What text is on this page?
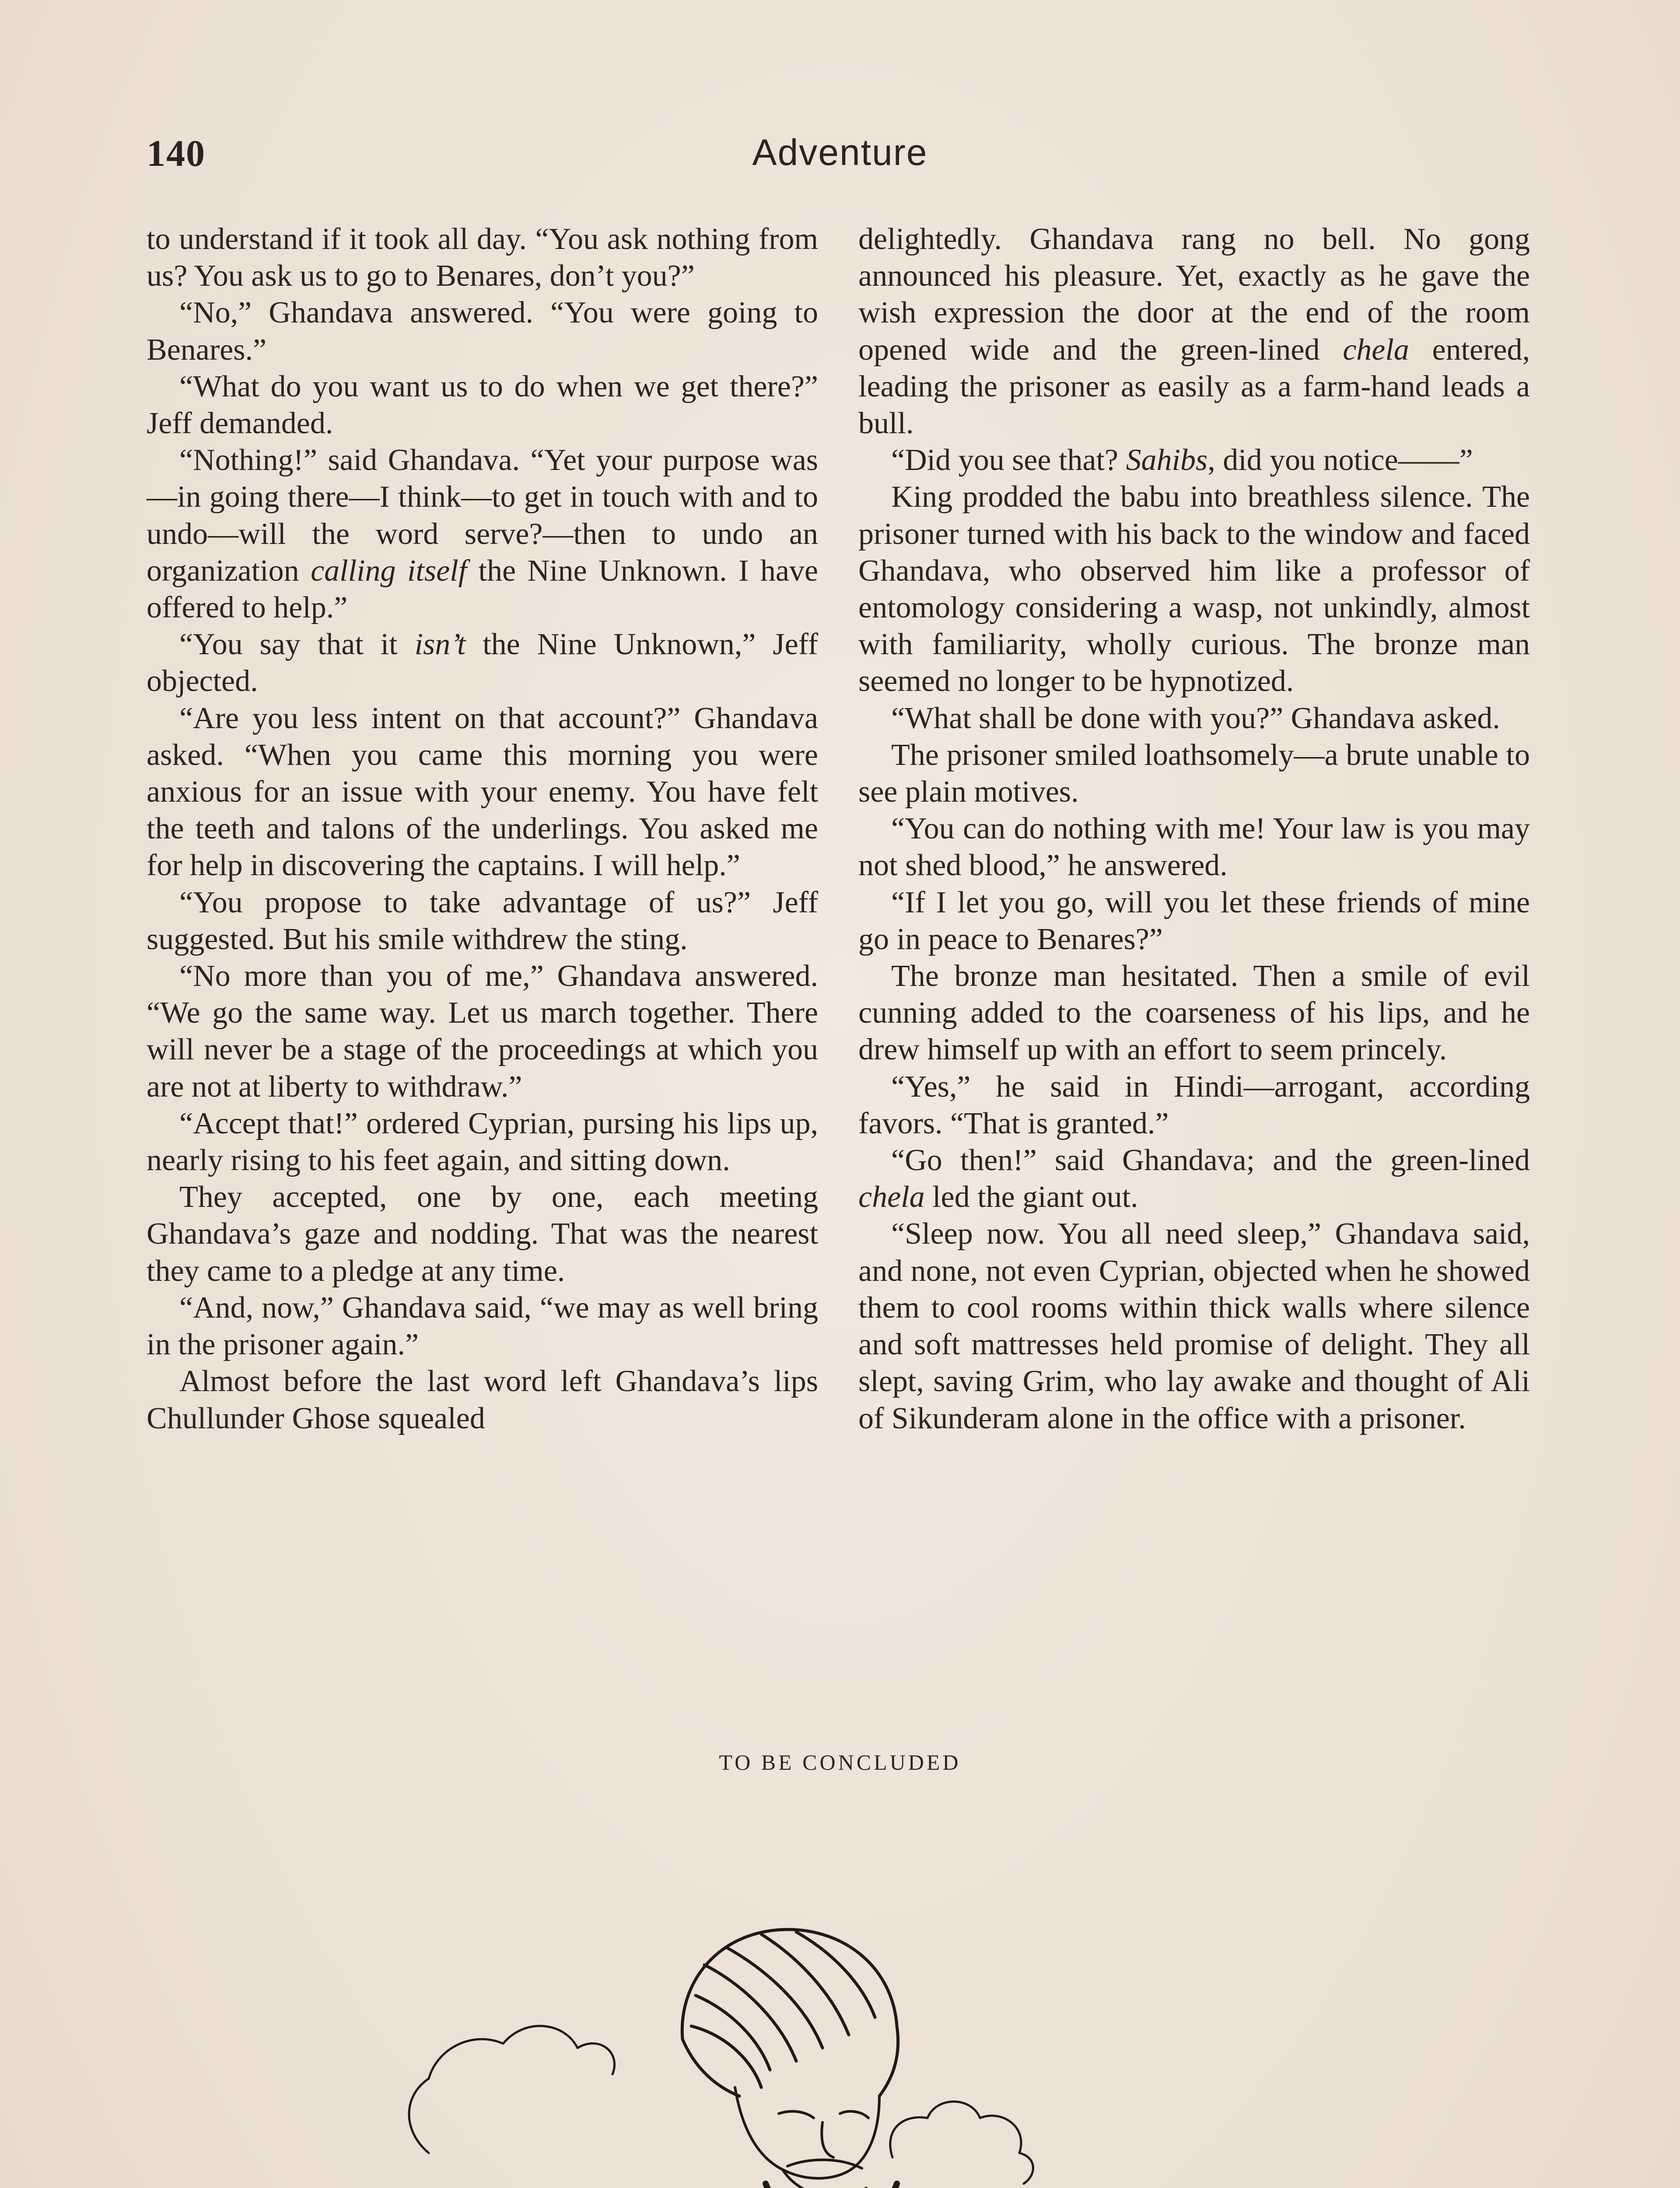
140	Adventure

to understand if it took all day. “You ask nothing from us? You ask us to go to Benares, don’t you?”

“No,” Ghandava answered. “You were going to Benares.”

“What do you want us to do when we get there?” Jeff demanded.

“Nothing!” said Ghandava. “Yet your purpose was—in going there—I think—to get in touch with and to undo—will the word serve?—then to undo an organization calling itself the Nine Unknown. I have offered to help.”

“You say that it isn’t the Nine Unknown,” Jeff objected.

“Are you less intent on that account?” Ghandava asked. “When you came this morning you were anxious for an issue with your enemy. You have felt the teeth and talons of the underlings. You asked me for help in discovering the captains. I will help.”

“You propose to take advantage of us?” Jeff suggested. But his smile withdrew the sting.

“No more than you of me,” Ghandava answered. “We go the same way. Let us march together. There will never be a stage of the proceedings at which you are not at liberty to withdraw.”

“Accept that!” ordered Cyprian, pursing his lips up, nearly rising to his feet again, and sitting down.

They accepted, one by one, each meeting Ghandava’s gaze and nodding. That was the nearest they came to a pledge at any time.

“And, now,” Ghandava said, “we may as well bring in the prisoner again.”

Almost before the last word left Ghandava’s lips Chullunder Ghose squealed

delightedly. Ghandava rang no bell. No gong announced his pleasure. Yet, exactly as he gave the wish expression the door at the end of the room opened wide and the green-lined chela entered, leading the prisoner as easily as a farm-hand leads a bull.

“Did you see that? Sahibs, did you notice——”

King prodded the babu into breathless silence. The prisoner turned with his back to the window and faced Ghandava, who observed him like a professor of entomology considering a wasp, not unkindly, almost with familiarity, wholly curious. The bronze man seemed no longer to be hypnotized.

“What shall be done with you?” Ghandava asked.

The prisoner smiled loathsomely—a brute unable to see plain motives.

“You can do nothing with me! Your law is you may not shed blood,” he answered.

“If I let you go, will you let these friends of mine go in peace to Benares?”

The bronze man hesitated. Then a smile of evil cunning added to the coarseness of his lips, and he drew himself up with an effort to seem princely.

“Yes,” he said in Hindi—arrogant, according favors. “That is granted.”

“Go then!” said Ghandava; and the green-lined chela led the giant out.

“Sleep now. You all need sleep,” Ghandava said, and none, not even Cyprian, objected when he showed them to cool rooms within thick walls where silence and soft mattresses held promise of delight. They all slept, saving Grim, who lay awake and thought of Ali of Sikunderam alone in the office with a prisoner.

TO BE CONCLUDED
